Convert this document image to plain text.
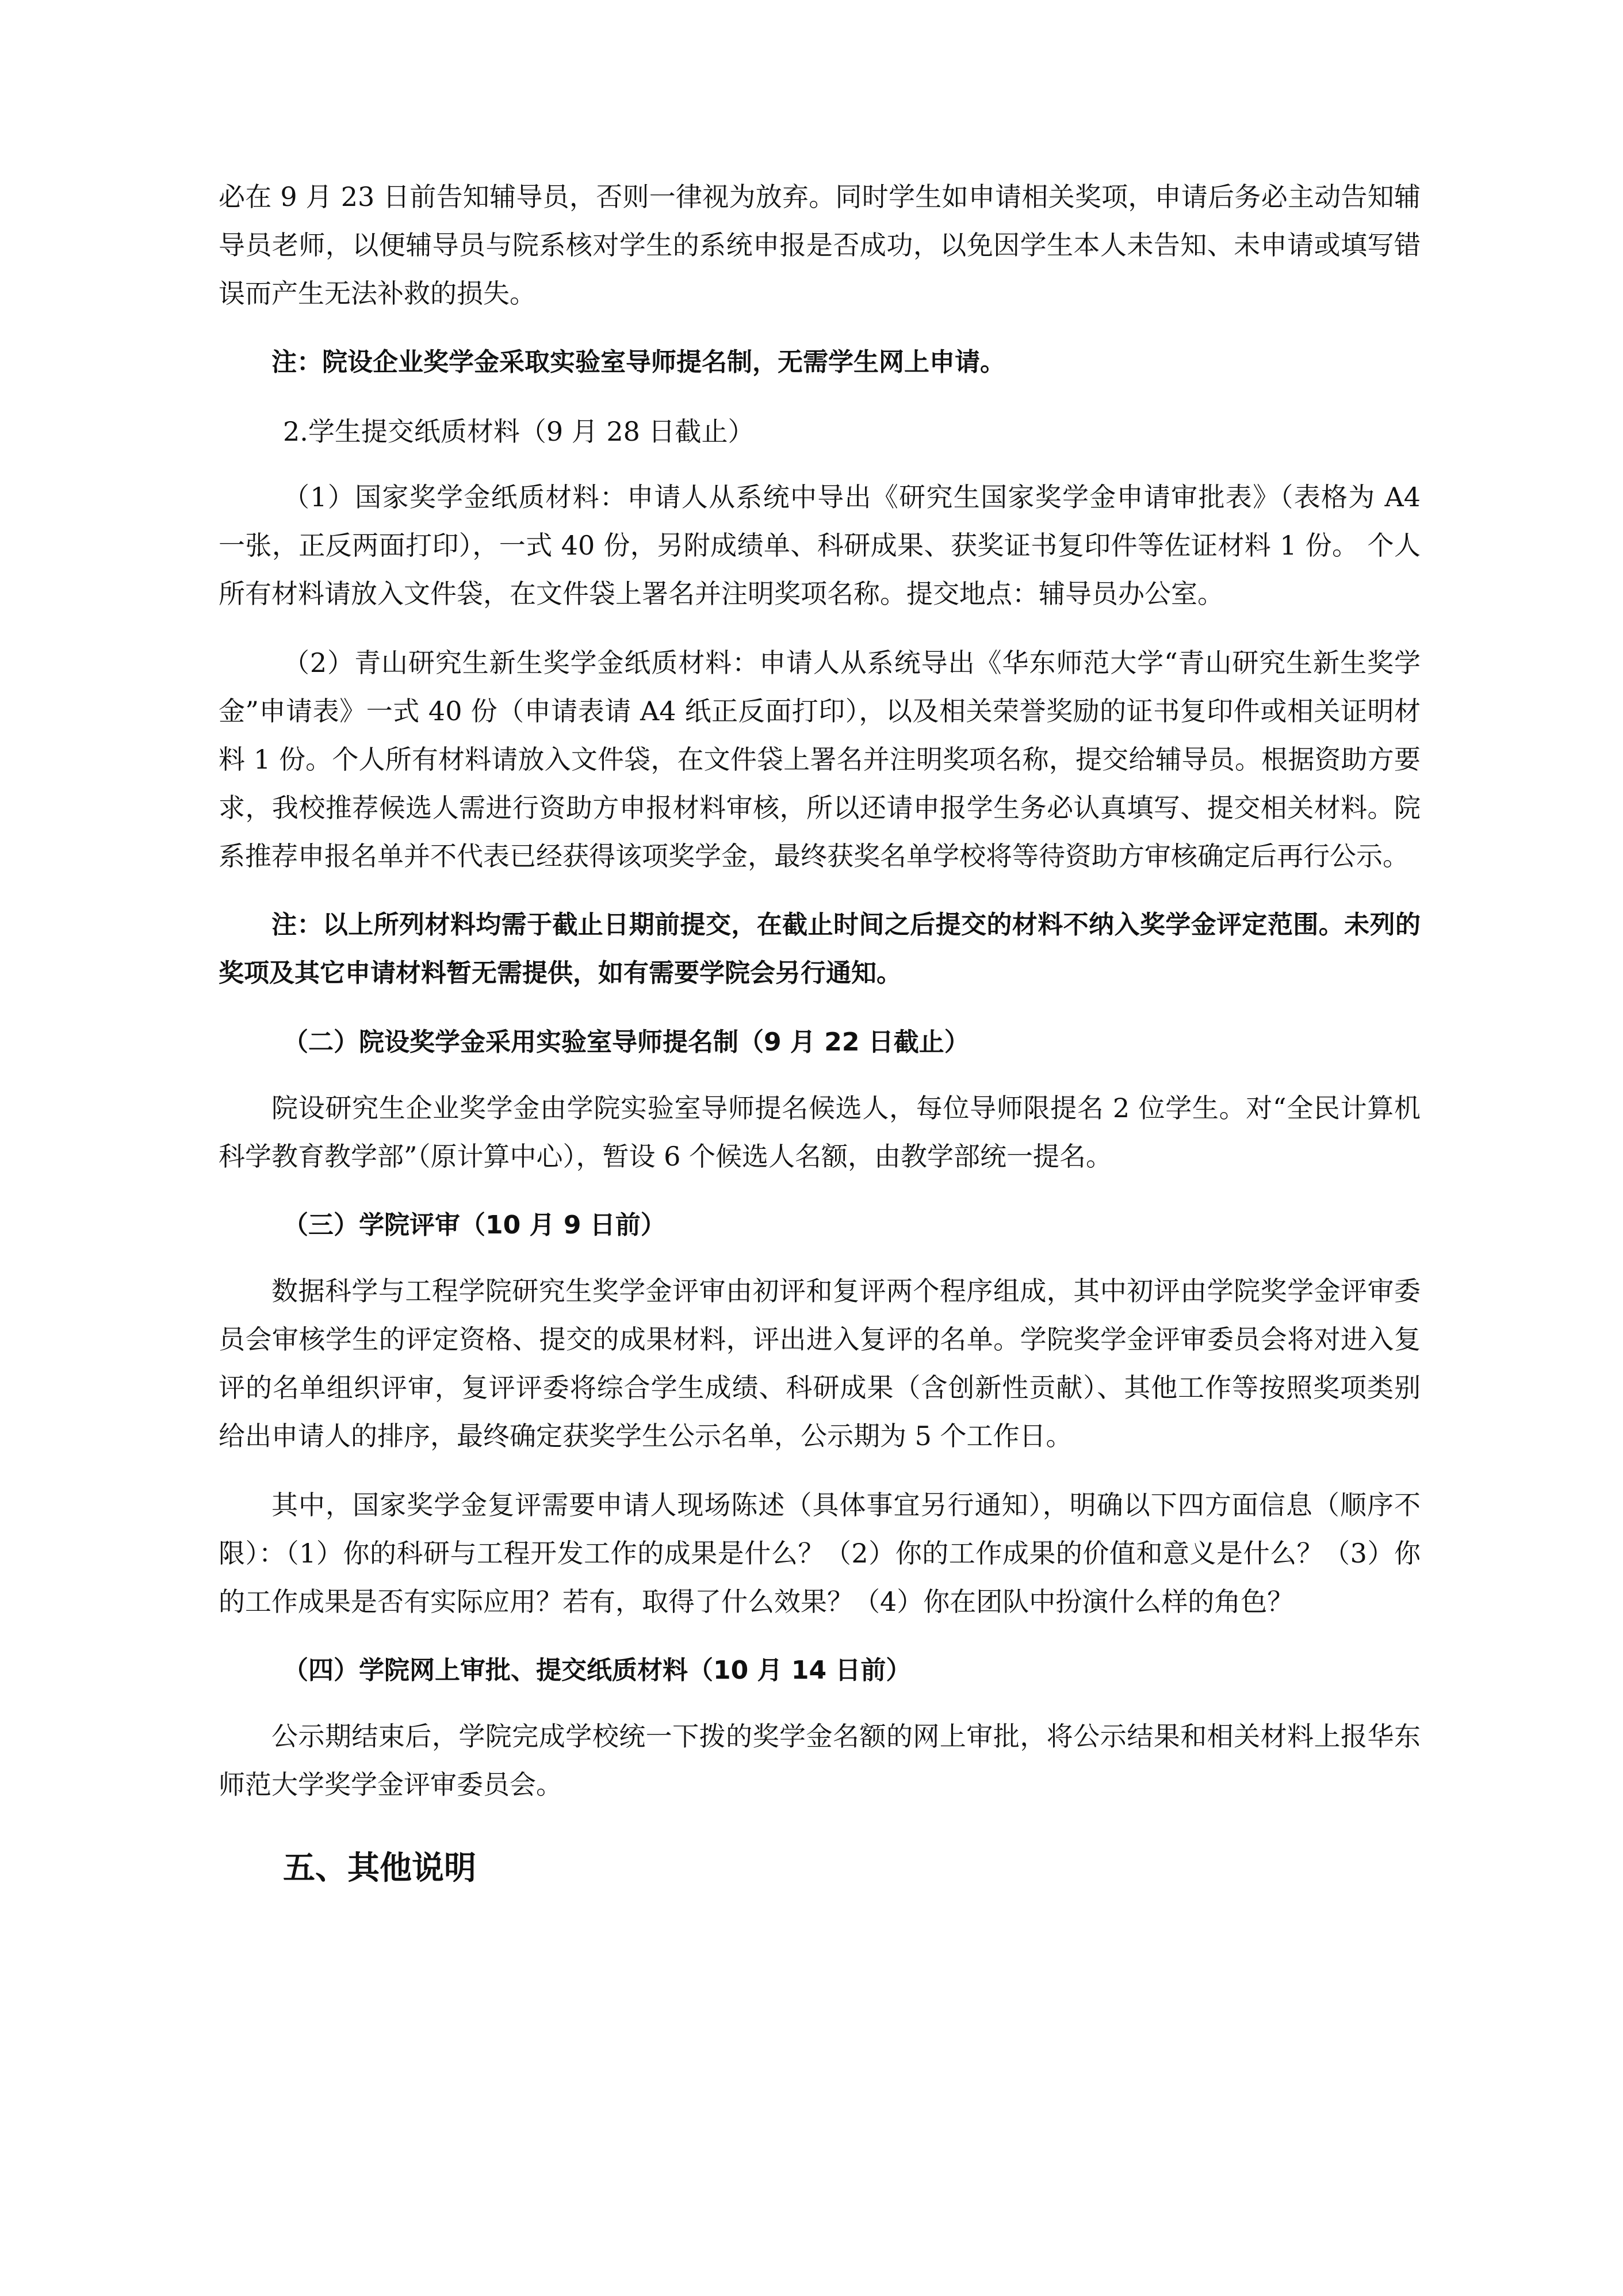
必在 9 月 23 日前告知辅导员，否则一律视为放弃。同时学生如申请相关奖项，申请后务必主动告知辅导员老师，以便辅导员与院系核对学生的系统申报是否成功，以免因学生本人未告知、未申请或填写错误而产生无法补救的损失。

注：院设企业奖学金采取实验室导师提名制，无需学生网上申请。

2.学生提交纸质材料（9 月 28 日截止）

（1）国家奖学金纸质材料：申请人从系统中导出《研究生国家奖学金申请审批表》（表格为 A4 一张，正反两面打印），一式 40 份，另附成绩单、科研成果、获奖证书复印件等佐证材料 1 份。 个人所有材料请放入文件袋，在文件袋上署名并注明奖项名称。提交地点：辅导员办公室。

（2）青山研究生新生奖学金纸质材料：申请人从系统导出《华东师范大学“青山研究生新生奖学金”申请表》一式 40 份（申请表请 A4 纸正反面打印），以及相关荣誉奖励的证书复印件或相关证明材料 1 份。个人所有材料请放入文件袋，在文件袋上署名并注明奖项名称，提交给辅导员。根据资助方要求，我校推荐候选人需进行资助方申报材料审核，所以还请申报学生务必认真填写、提交相关材料。院系推荐申报名单并不代表已经获得该项奖学金，最终获奖名单学校将等待资助方审核确定后再行公示。

注：以上所列材料均需于截止日期前提交，在截止时间之后提交的材料不纳入奖学金评定范围。未列的奖项及其它申请材料暂无需提供，如有需要学院会另行通知。

（二）院设奖学金采用实验室导师提名制（9 月 22 日截止）

院设研究生企业奖学金由学院实验室导师提名候选人，每位导师限提名 2 位学生。对“全民计算机科学教育教学部”（原计算中心），暂设 6 个候选人名额，由教学部统一提名。

（三）学院评审（10 月 9 日前）

数据科学与工程学院研究生奖学金评审由初评和复评两个程序组成，其中初评由学院奖学金评审委员会审核学生的评定资格、提交的成果材料，评出进入复评的名单。学院奖学金评审委员会将对进入复评的名单组织评审，复评评委将综合学生成绩、科研成果（含创新性贡献）、其他工作等按照奖项类别给出申请人的排序，最终确定获奖学生公示名单，公示期为 5 个工作日。

其中，国家奖学金复评需要申请人现场陈述（具体事宜另行通知），明确以下四方面信息（顺序不限）：（1）你的科研与工程开发工作的成果是什么？（2）你的工作成果的价值和意义是什么？（3）你的工作成果是否有实际应用？若有，取得了什么效果？（4）你在团队中扮演什么样的角色？

（四）学院网上审批、提交纸质材料（10 月 14 日前）

公示期结束后，学院完成学校统一下拨的奖学金名额的网上审批，将公示结果和相关材料上报华东师范大学奖学金评审委员会。

五、其他说明
